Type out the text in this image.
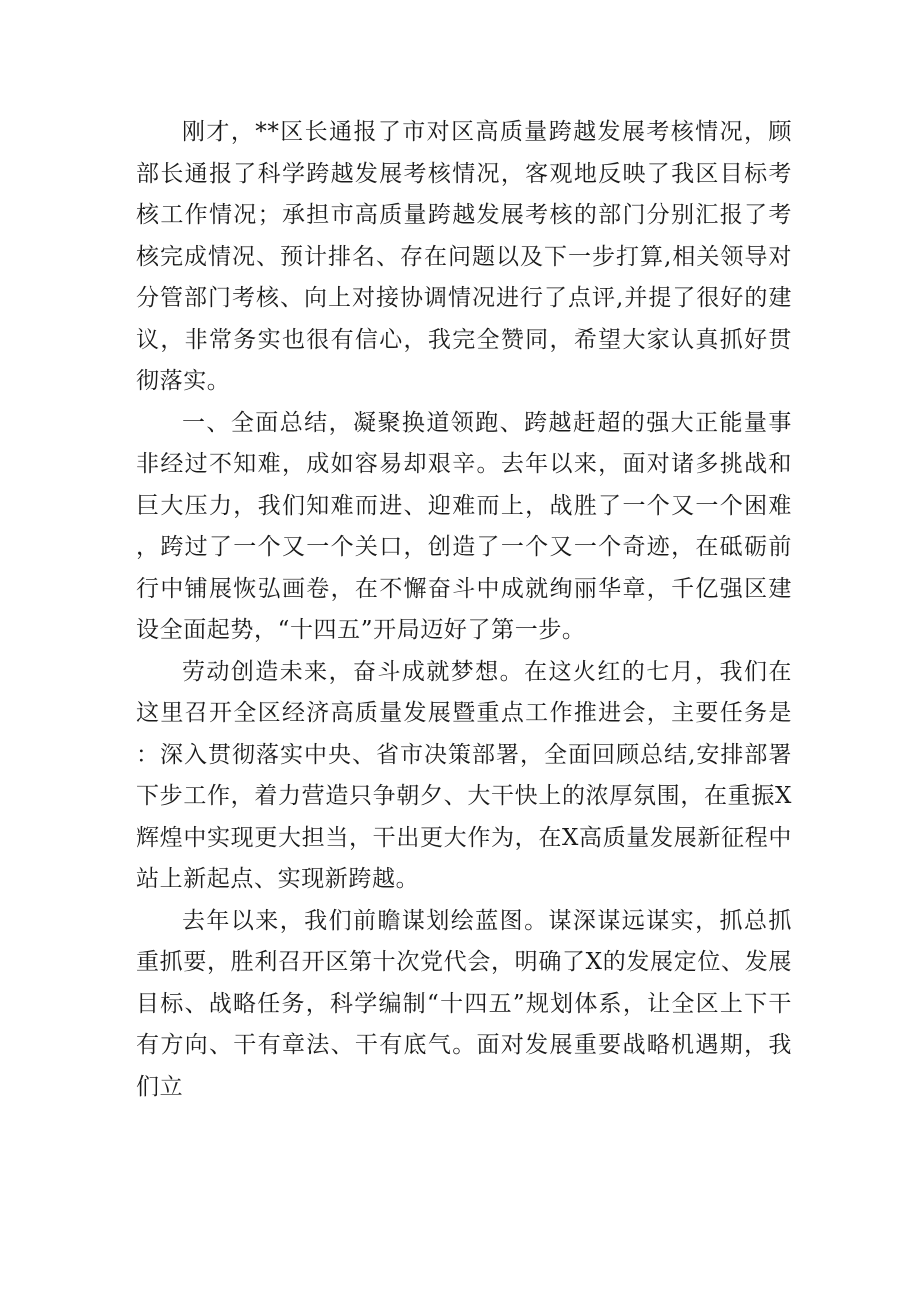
刚才，**区长通报了市对区高质量跨越发展考核情况，顾部长通报了科学跨越发展考核情况，客观地反映了我区目标考核工作情况；承担市高质量跨越发展考核的部门分别汇报了考核完成情况、预计排名、存在问题以及下一步打算,相关领导对分管部门考核、向上对接协调情况进行了点评,并提了很好的建议，非常务实也很有信心，我完全赞同，希望大家认真抓好贯彻落实。

一、全面总结，凝聚换道领跑、跨越赶超的强大正能量事非经过不知难，成如容易却艰辛。去年以来，面对诸多挑战和巨大压力，我们知难而进、迎难而上，战胜了一个又一个困难，跨过了一个又一个关口，创造了一个又一个奇迹，在砥砺前行中铺展恢弘画卷，在不懈奋斗中成就绚丽华章，千亿强区建设全面起势，“十四五”开局迈好了第一步。

劳动创造未来，奋斗成就梦想。在这火红的七月，我们在这里召开全区经济高质量发展暨重点工作推进会，主要任务是：深入贯彻落实中央、省市决策部署，全面回顾总结,安排部署下步工作，着力营造只争朝夕、大干快上的浓厚氛围，在重振X辉煌中实现更大担当，干出更大作为，在X高质量发展新征程中站上新起点、实现新跨越。

去年以来，我们前瞻谋划绘蓝图。谋深谋远谋实，抓总抓重抓要，胜利召开区第十次党代会，明确了X的发展定位、发展目标、战略任务，科学编制“十四五”规划体系，让全区上下干有方向、干有章法、干有底气。面对发展重要战略机遇期，我们立
